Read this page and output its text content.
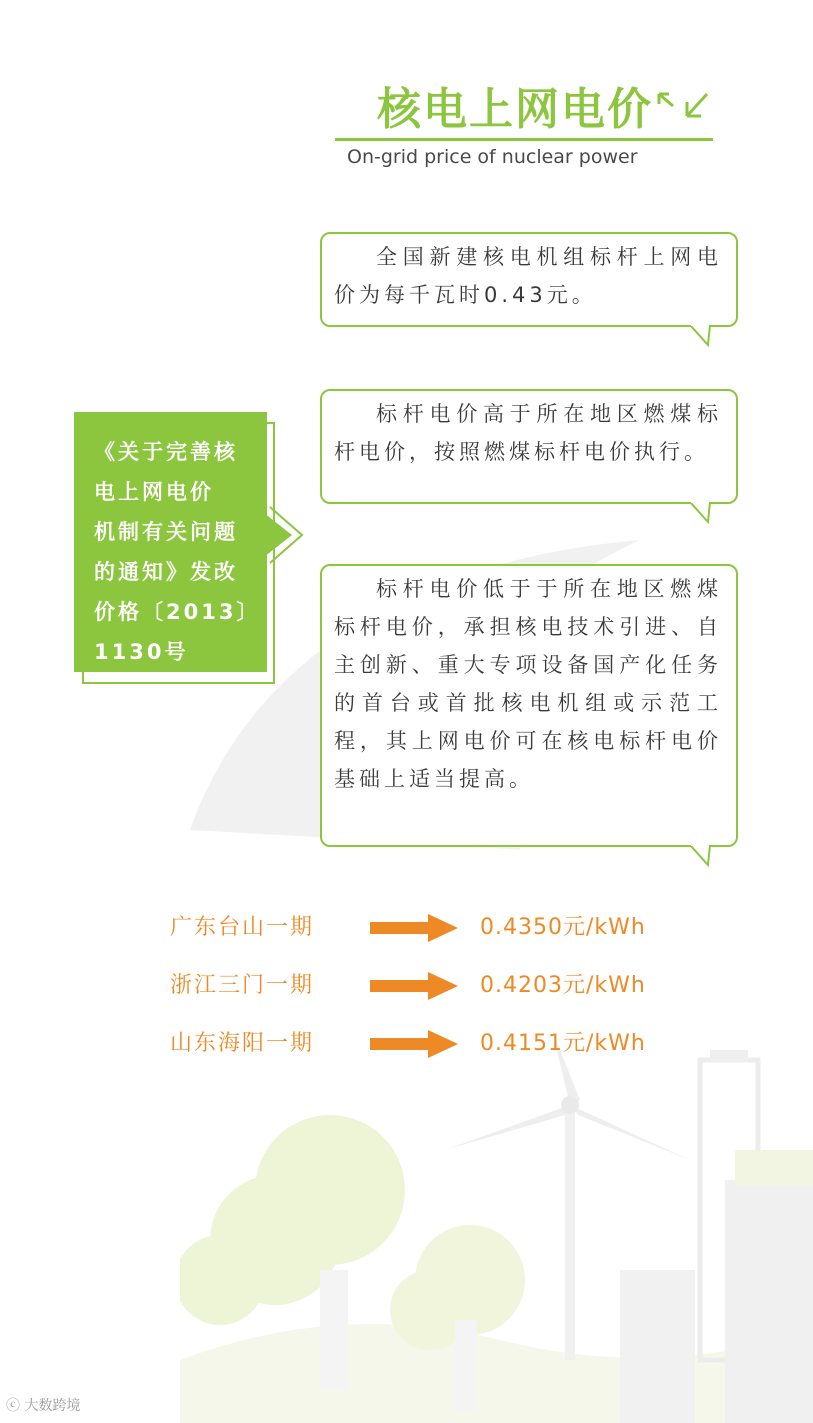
核电上网电价
On-grid price of nuclear power
全国新建核电机组标杆上网电价为每千瓦时0.43元。
标杆电价高于所在地区燃煤标杆电价，按照燃煤标杆电价执行。
标杆电价低于于所在地区燃煤标杆电价，承担核电技术引进、自主创新、重大专项设备国产化任务的首台或首批核电机组或示范工程，其上网电价可在核电标杆电价基础上适当提高。
《关于完善核
电上网电价
机制有关问题
的通知》发改
价格〔2013〕
1130号
广东台山一期	0.4350元/kWh
浙江三门一期	0.4203元/kWh
山东海阳一期	0.4151元/kWh
ⓒ 大数跨境
